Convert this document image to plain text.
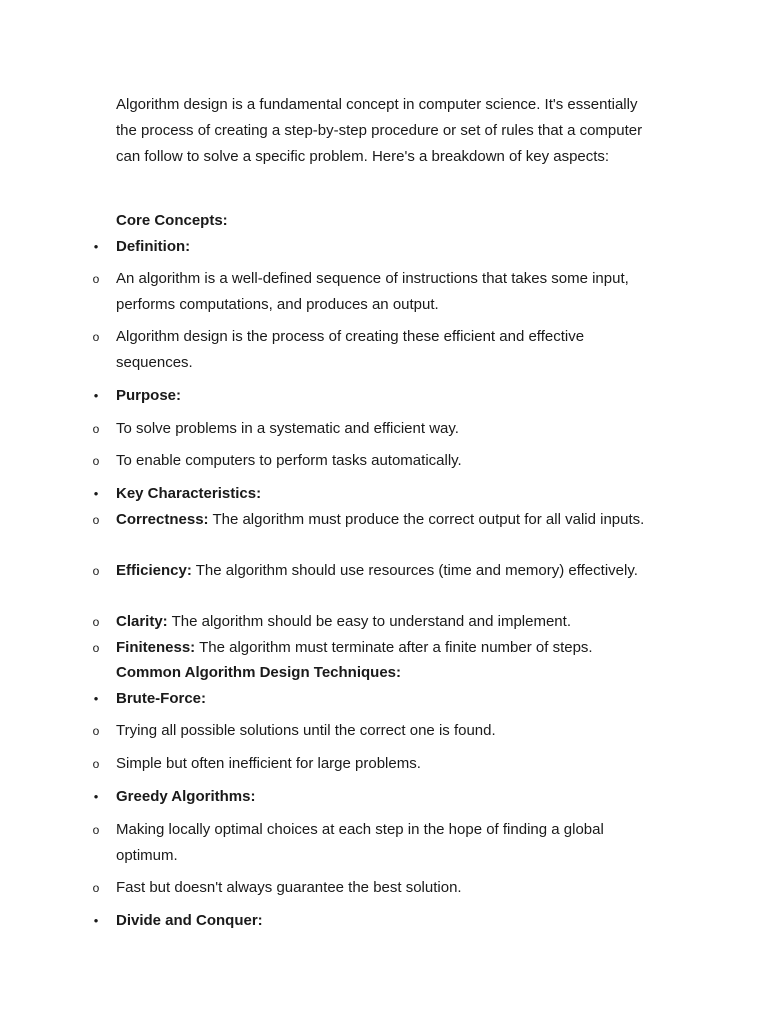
Algorithm design is a fundamental concept in computer science. It's essentially the process of creating a step-by-step procedure or set of rules that a computer can follow to solve a specific problem. Here's a breakdown of key aspects:
Core Concepts:
• Definition:
o An algorithm is a well-defined sequence of instructions that takes some input, performs computations, and produces an output.
o Algorithm design is the process of creating these efficient and effective sequences.
• Purpose:
o To solve problems in a systematic and efficient way.
o To enable computers to perform tasks automatically.
• Key Characteristics:
o Correctness: The algorithm must produce the correct output for all valid inputs.
o Efficiency: The algorithm should use resources (time and memory) effectively.
o Clarity: The algorithm should be easy to understand and implement.
o Finiteness: The algorithm must terminate after a finite number of steps.
Common Algorithm Design Techniques:
• Brute-Force:
o Trying all possible solutions until the correct one is found.
o Simple but often inefficient for large problems.
• Greedy Algorithms:
o Making locally optimal choices at each step in the hope of finding a global optimum.
o Fast but doesn't always guarantee the best solution.
• Divide and Conquer:
